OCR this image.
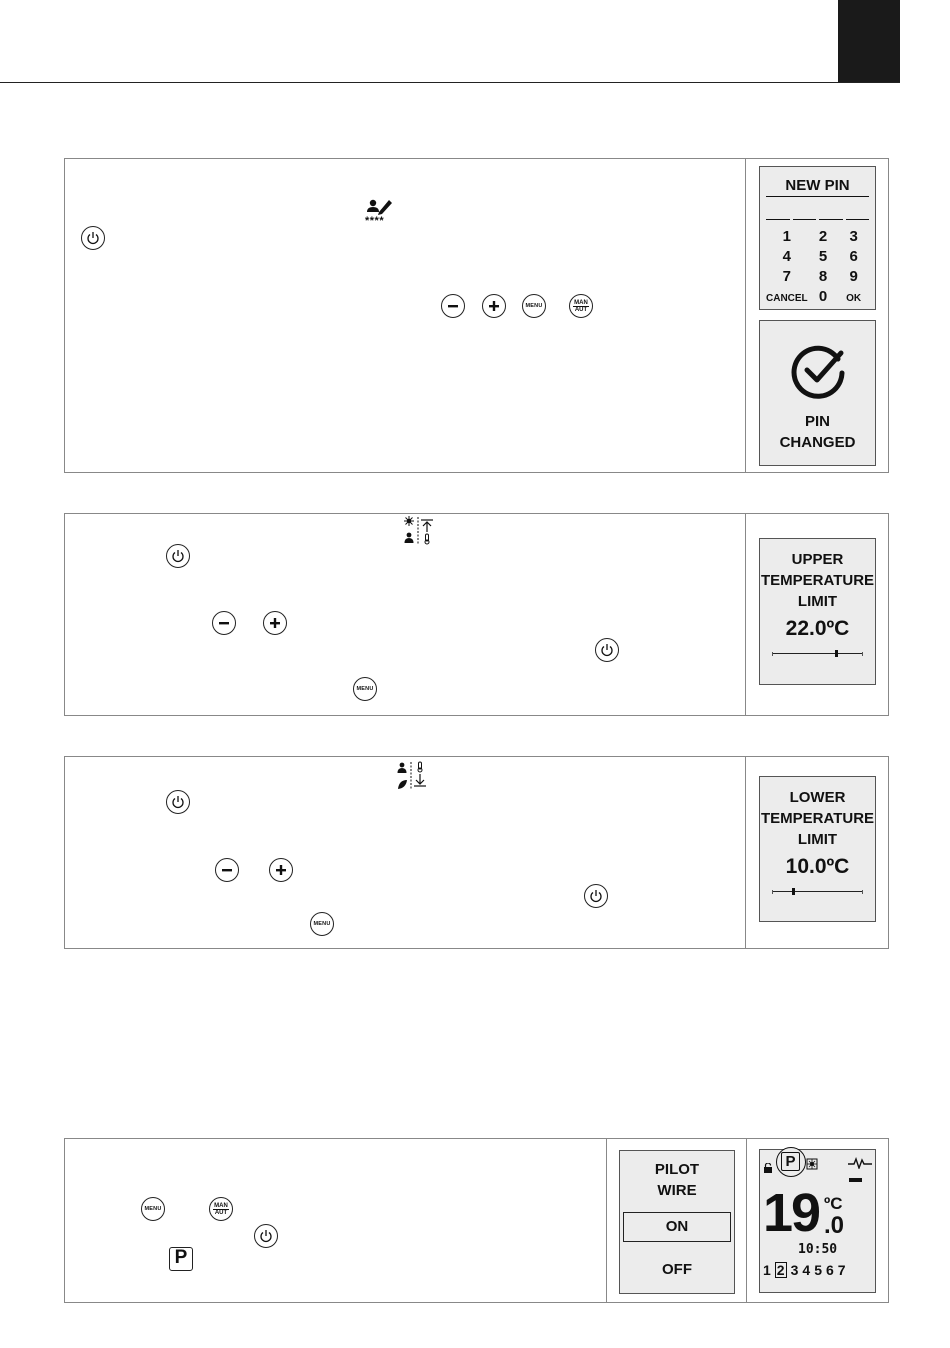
****
MENU
MAN
AUT
NEW PIN
1	2	3
4	5	6
7	8	9
CANCEL 0	OK
PIN
CHANGED
MENU
UPPER
TEMPERATURE
LIMIT
22.0ºC
MENU
LOWER
TEMPERATURE
LIMIT
10.0ºC
MENU
MAN
AUT
P
PILOT
WIRE
ON
OFF
P
19 ºC
.0
10:50
1 2 3 4 5 6 7
